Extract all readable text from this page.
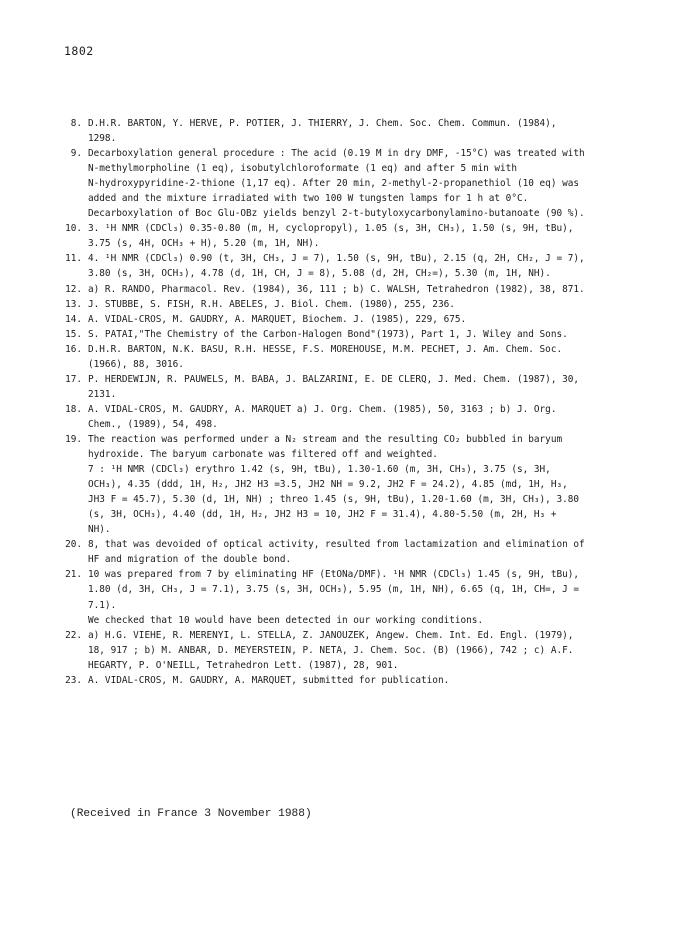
1802
8. D.H.R. BARTON, Y. HERVE, P. POTIER, J. THIERRY, J. Chem. Soc. Chem. Commun. (1984),
1298.
9. Decarboxylation general procedure : The acid (0.19 M in dry DMF, -15°C) was treated with
N-methylmorpholine (1 eq), isobutylchloroformate (1 eq) and after 5 min with
N-hydroxypyridine-2-thione (1,17 eq). After 20 min, 2-methyl-2-propanethiol (10 eq) was
added and the mixture irradiated with two 100 W tungsten lamps for 1 h at 0°C.
Decarboxylation of Boc Glu-OBz yields benzyl 2-t-butyloxycarbonylamino-butanoate (90 %).
10. 3. ¹H NMR (CDCl₃) 0.35-0.80 (m, H, cyclopropyl), 1.05 (s, 3H, CH₃), 1.50 (s, 9H, tBu),
3.75 (s, 4H, OCH₃ + H), 5.20 (m, 1H, NH).
11. 4. ¹H NMR (CDCl₃) 0.90 (t, 3H, CH₃, J = 7), 1.50 (s, 9H, tBu), 2.15 (q, 2H, CH₂, J = 7),
3.80 (s, 3H, OCH₃), 4.78 (d, 1H, CH, J = 8), 5.08 (d, 2H, CH₂=), 5.30 (m, 1H, NH).
12. a) R. RANDO, Pharmacol. Rev. (1984), 36, 111 ; b) C. WALSH, Tetrahedron (1982), 38, 871.
13. J. STUBBE, S. FISH, R.H. ABELES, J. Biol. Chem. (1980), 255, 236.
14. A. VIDAL-CROS, M. GAUDRY, A. MARQUET, Biochem. J. (1985), 229, 675.
15. S. PATAI,"The Chemistry of the Carbon-Halogen Bond"(1973), Part 1, J. Wiley and Sons.
16. D.H.R. BARTON, N.K. BASU, R.H. HESSE, F.S. MOREHOUSE, M.M. PECHET, J. Am. Chem. Soc.
(1966), 88, 3016.
17. P. HERDEWIJN, R. PAUWELS, M. BABA, J. BALZARINI, E. DE CLERQ, J. Med. Chem. (1987), 30,
2131.
18. A. VIDAL-CROS, M. GAUDRY, A. MARQUET a) J. Org. Chem. (1985), 50, 3163 ; b) J. Org.
Chem., (1989), 54, 498.
19. The reaction was performed under a N₂ stream and the resulting CO₂ bubbled in baryum
hydroxide. The baryum carbonate was filtered off and weighted.
7 : ¹H NMR (CDCl₃) erythro 1.42 (s, 9H, tBu), 1.30-1.60 (m, 3H, CH₃), 3.75 (s, 3H,
OCH₃), 4.35 (ddd, 1H, H₂, JH2 H3 =3.5, JH2 NH = 9.2, JH2 F = 24.2), 4.85 (md, 1H, H₃,
JH3 F = 45.7), 5.30 (d, 1H, NH) ; threo 1.45 (s, 9H, tBu), 1.20-1.60 (m, 3H, CH₃), 3.80
(s, 3H, OCH₃), 4.40 (dd, 1H, H₂, JH2 H3 = 10, JH2 F = 31.4), 4.80-5.50 (m, 2H, H₃ +
NH).
20. 8, that was devoided of optical activity, resulted from lactamization and elimination of
HF and migration of the double bond.
21. 10 was prepared from 7 by eliminating HF (EtONa/DMF). ¹H NMR (CDCl₃) 1.45 (s, 9H, tBu),
1.80 (d, 3H, CH₃, J = 7.1), 3.75 (s, 3H, OCH₃), 5.95 (m, 1H, NH), 6.65 (q, 1H, CH=, J =
7.1).
We checked that 10 would have been detected in our working conditions.
22. a) H.G. VIEHE, R. MERENYI, L. STELLA, Z. JANOUZEK, Angew. Chem. Int. Ed. Engl. (1979),
18, 917 ; b) M. ANBAR, D. MEYERSTEIN, P. NETA, J. Chem. Soc. (B) (1966), 742 ; c) A.F.
HEGARTY, P. O'NEILL, Tetrahedron Lett. (1987), 28, 901.
23. A. VIDAL-CROS, M. GAUDRY, A. MARQUET, submitted for publication.
(Received in France 3 November 1988)
